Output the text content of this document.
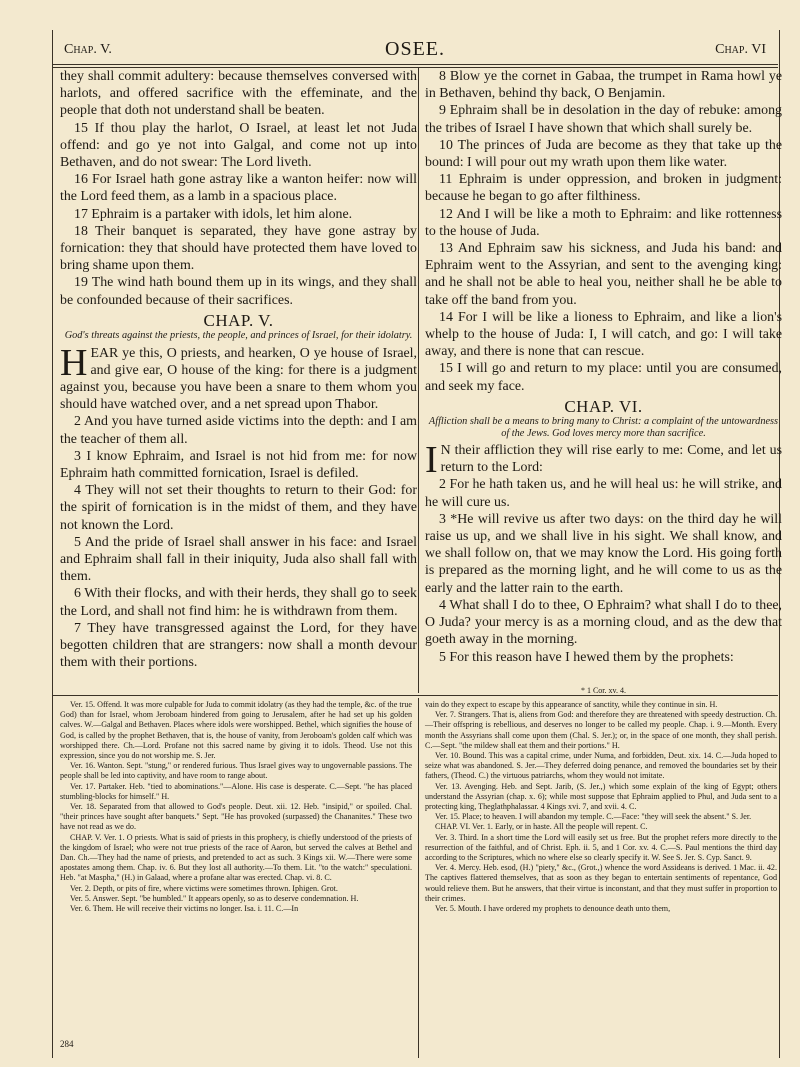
Chap. V.	OSEE.	Chap. VI

they shall commit adultery: because themselves conversed with harlots, and offered sacrifice with the effeminate, and the people that doth not understand shall be beaten.

15 If thou play the harlot, O Israel, at least let not Juda offend: and go ye not into Galgal, and come not up into Bethaven, and do not swear: The Lord liveth.

16 For Israel hath gone astray like a wanton heifer: now will the Lord feed them, as a lamb in a spacious place.

17 Ephraim is a partaker with idols, let him alone.

18 Their banquet is separated, they have gone astray by fornication: they that should have protected them have loved to bring shame upon them.

19 The wind hath bound them up in its wings, and they shall be confounded because of their sacrifices.

CHAP. V.
God's threats against the priests, the people, and princes of Israel, for their idolatry.

HEAR ye this, O priests, and hearken, O ye house of Israel, and give ear, O house of the king: for there is a judgment against you, because you have been a snare to them whom you should have watched over, and a net spread upon Thabor.

2 And you have turned aside victims into the depth: and I am the teacher of them all.

3 I know Ephraim, and Israel is not hid from me: for now Ephraim hath committed fornication, Israel is defiled.

4 They will not set their thoughts to return to their God: for the spirit of fornication is in the midst of them, and they have not known the Lord.

5 And the pride of Israel shall answer in his face: and Israel and Ephraim shall fall in their iniquity, Juda also shall fall with them.

6 With their flocks, and with their herds, they shall go to seek the Lord, and shall not find him: he is withdrawn from them.

7 They have transgressed against the Lord, for they have begotten children that are strangers: now shall a month devour them with their portions.

8 Blow ye the cornet in Gabaa, the trumpet in Rama howl ye in Bethaven, behind thy back, O Benjamin.

9 Ephraim shall be in desolation in the day of rebuke: among the tribes of Israel I have shown that which shall surely be.

10 The princes of Juda are become as they that take up the bound: I will pour out my wrath upon them like water.

11 Ephraim is under oppression, and broken in judgment: because he began to go after filthiness.

12 And I will be like a moth to Ephraim: and like rottenness to the house of Juda.

13 And Ephraim saw his sickness, and Juda his band: and Ephraim went to the Assyrian, and sent to the avenging king: and he shall not be able to heal you, neither shall he be able to take off the band from you.

14 For I will be like a lioness to Ephraim, and like a lion's whelp to the house of Juda: I, I will catch, and go: I will take away, and there is none that can rescue.

15 I will go and return to my place: until you are consumed, and seek my face.

CHAP. VI.
Affliction shall be a means to bring many to Christ: a complaint of the untowardness of the Jews. God loves mercy more than sacrifice.

I N their affliction they will rise early to me: Come, and let us return to the Lord:

2 For he hath taken us, and he will heal us: he will strike, and he will cure us.

3 *He will revive us after two days: on the third day he will raise us up, and we shall live in his sight. We shall know, and we shall follow on, that we may know the Lord. His going forth is prepared as the morning light, and he will come to us as the early and the latter rain to the earth.

4 What shall I do to thee, O Ephraim? what shall I do to thee, O Juda? your mercy is as a morning cloud, and as the dew that goeth away in the morning.

5 For this reason have I hewed them by the prophets:

* 1 Cor. xv. 4.

Ver. 15. Offend. It was more culpable for Juda to commit idolatry (as they had the temple, &c. of the true God) than for Israel, whom Jeroboam hindered from going to Jerusalem, after he had set up his golden calves. W.—Galgal and Bethaven. Places where idols were worshipped. Bethel, which signifies the house of God, is called by the prophet Bethaven, that is, the house of vanity, from Jeroboam's golden calf which was worshipped there. Ch.—Lord. Profane not this sacred name by giving it to idols. Theod. Use not this expression, since you do not worship me. S. Jer.

Ver. 16. Wanton. Sept. "stung," or rendered furious. Thus Israel gives way to ungovernable passions. The people shall be led into captivity, and have room to range about.

Ver. 17. Partaker. Heb. "tied to abominations."—Alone. His case is desperate. C.—Sept. "he has placed stumbling-blocks for himself." H.

Ver. 18. Separated from that allowed to God's people. Deut. xii. 12. Heb. "insipid," or spoiled. Chal. "their princes have sought after banquets." Sept. "He has provoked (surpassed) the Chananites." These two have not read as we do.

CHAP. V. Ver. 1. O priests. What is said of priests in this prophecy, is chiefly understood of the priests of the kingdom of Israel; who were not true priests of the race of Aaron, but served the calves at Bethel and Dan. Ch.—They had the name of priests, and pretended to act as such. 3 Kings xii. W.—There were some apostates among them. Chap. iv. 6. But they lost all authority.—To them. Lit. "to the watch:" speculationi. Heb. "at Maspha," (H.) in Galaad, where a profane altar was erected. Chap. vi. 8. C.

Ver. 2. Depth, or pits of fire, where victims were sometimes thrown. Iphigen. Grot.

Ver. 5. Answer. Sept. "be humbled." It appears openly, so as to deserve condemnation. H.

Ver. 6. Them. He will receive their victims no longer. Isa. i. 11. C.—In

vain do they expect to escape by this appearance of sanctity, while they continue in sin. H.

Ver. 7. Strangers. That is, aliens from God: and therefore they are threatened with speedy destruction. Ch.—Their offspring is rebellious, and deserves no longer to be called my people. Chap. i. 9.—Month. Every month the Assyrians shall come upon them (Chal. S. Jer.); or, in the space of one month, they shall perish. C.—Sept. "the mildew shall eat them and their portions." H.

Ver. 10. Bound. This was a capital crime, under Numa, and forbidden, Deut. xix. 14. C.—Juda hoped to seize what was abandoned. S. Jer.—They deferred doing penance, and removed the boundaries set by their fathers, (Theod. C.) the virtuous patriarchs, whom they would not imitate.

Ver. 13. Avenging. Heb. and Sept. Jarib, (S. Jer.,) which some explain of the king of Egypt; others understand the Assyrian (chap. x. 6); while most suppose that Ephraim applied to Phul, and Juda sent to a protecting king, Theglathphalassar. 4 Kings xvi. 7, and xvii. 4. C.

Ver. 15. Place; to heaven. I will abandon my temple. C.—Face: "they will seek the absent." S. Jer.

CHAP. VI. Ver. 1. Early, or in haste. All the people will repent. C.

Ver. 3. Third. In a short time the Lord will easily set us free. But the prophet refers more directly to the resurrection of the faithful, and of Christ. Eph. ii. 5, and 1 Cor. xv. 4. C.—S. Paul mentions the third day according to the Scriptures, which no where else so clearly specify it. W. See S. Jer. S. Cyp. Sanct. 9.

Ver. 4. Mercy. Heb. esod, (H.) "piety," &c., (Grot.,) whence the word Assideans is derived. 1 Mac. ii. 42. The captives flattered themselves, that as soon as they began to entertain sentiments of repentance, God would relieve them. But he answers, that their virtue is inconstant, and that they must suffer in proportion to their crimes.

Ver. 5. Mouth. I have ordered my prophets to denounce death unto them,

284
